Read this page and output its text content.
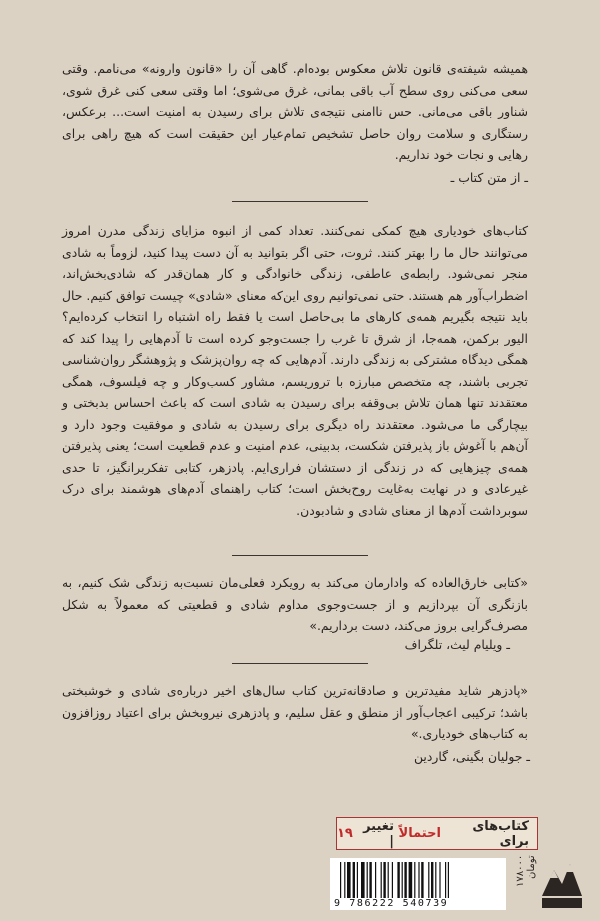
همیشه شیفته‌ی قانون تلاش معکوس بوده‌ام. گاهی آن را «قانون وارونه» می‌نامم. وقتی سعی می‌کنی روی سطح آب باقی بمانی، غرق می‌شوی؛ اما وقتی سعی کنی غرق شوی، شناور باقی می‌مانی. حس ناامنی نتیجه‌ی تلاش برای رسیدن به امنیت است... برعکس، رستگاری و سلامت روان حاصل تشخیص تمام‌عیار این حقیقت است که هیچ راهی برای رهایی و نجات خود نداریم.

ـ از متن کتاب ـ

کتاب‌های خودیاری هیچ کمکی نمی‌کنند. تعداد کمی از انبوه مزایای زندگی مدرن امروز می‌توانند حال ما را بهتر کنند. ثروت، حتی اگر بتوانید به آن دست پیدا کنید، لزوماً به شادی منجر نمی‌شود. رابطه‌ی عاطفی، زندگی خانوادگی و کار همان‌قدر که شادی‌بخش‌اند، اضطراب‌آور هم هستند. حتی نمی‌توانیم روی این‌که معنای «شادی» چیست توافق کنیم. حال باید نتیجه بگیریم همه‌ی کارهای ما بی‌حاصل است یا فقط راه اشتباه را انتخاب کرده‌ایم؟ الیور برکمن، همه‌جا، از شرق تا غرب را جست‌وجو کرده است تا آدم‌هایی را پیدا کند که همگی دیدگاه مشترکی به زندگی دارند. آدم‌هایی که چه روان‌پزشک و پژوهشگر روان‌شناسی تجربی باشند، چه متخصص مبارزه با تروریسم، مشاور کسب‌وکار و چه فیلسوف، همگی معتقدند تنها همان تلاش بی‌وقفه برای رسیدن به شادی است که باعث احساس بدبختی و بیچارگی ما می‌شود. معتقدند راه دیگری برای رسیدن به شادی و موفقیت وجود دارد و آن‌هم با آغوش باز پذیرفتن شکست، بدبینی، عدم امنیت و عدم قطعیت است؛ یعنی پذیرفتن همه‌ی چیزهایی که در زندگی از دستشان فراری‌ایم. پادزهر، کتابی تفکربرانگیز، تا حدی غیرعادی و در نهایت به‌غایت روح‌بخش است؛ کتاب راهنمای آدم‌های هوشمند برای درک سوبرداشت آدم‌ها از معنای شادی و شادبودن.

«کتابی خارق‌العاده که وادارمان می‌کند به رویکرد فعلی‌مان نسبت‌به زندگی شک کنیم، به بازنگری آن بپردازیم و از جست‌وجوی مداوم شادی و قطعیتی که معمولاً به شکل مصرف‌گرایی بروز می‌کند، دست برداریم.»

ـ ویلیام لیث، تلگراف

«پادزهر شاید مفیدترین و صادقانه‌ترین کتاب سال‌های اخیر درباره‌ی شادی و خوشبختی باشد؛ ترکیبی اعجاب‌آور از منطق و عقل سلیم، و پادزهری نیروبخش برای اعتیاد روزافزون به کتاب‌های خودیاری.»

ـ جولیان بگینی، گاردین

کتاب‌های برای

احتمالاً

تغییر |
۱۹
9 786222 540739
۱۷۸۰۰۰ تومان
